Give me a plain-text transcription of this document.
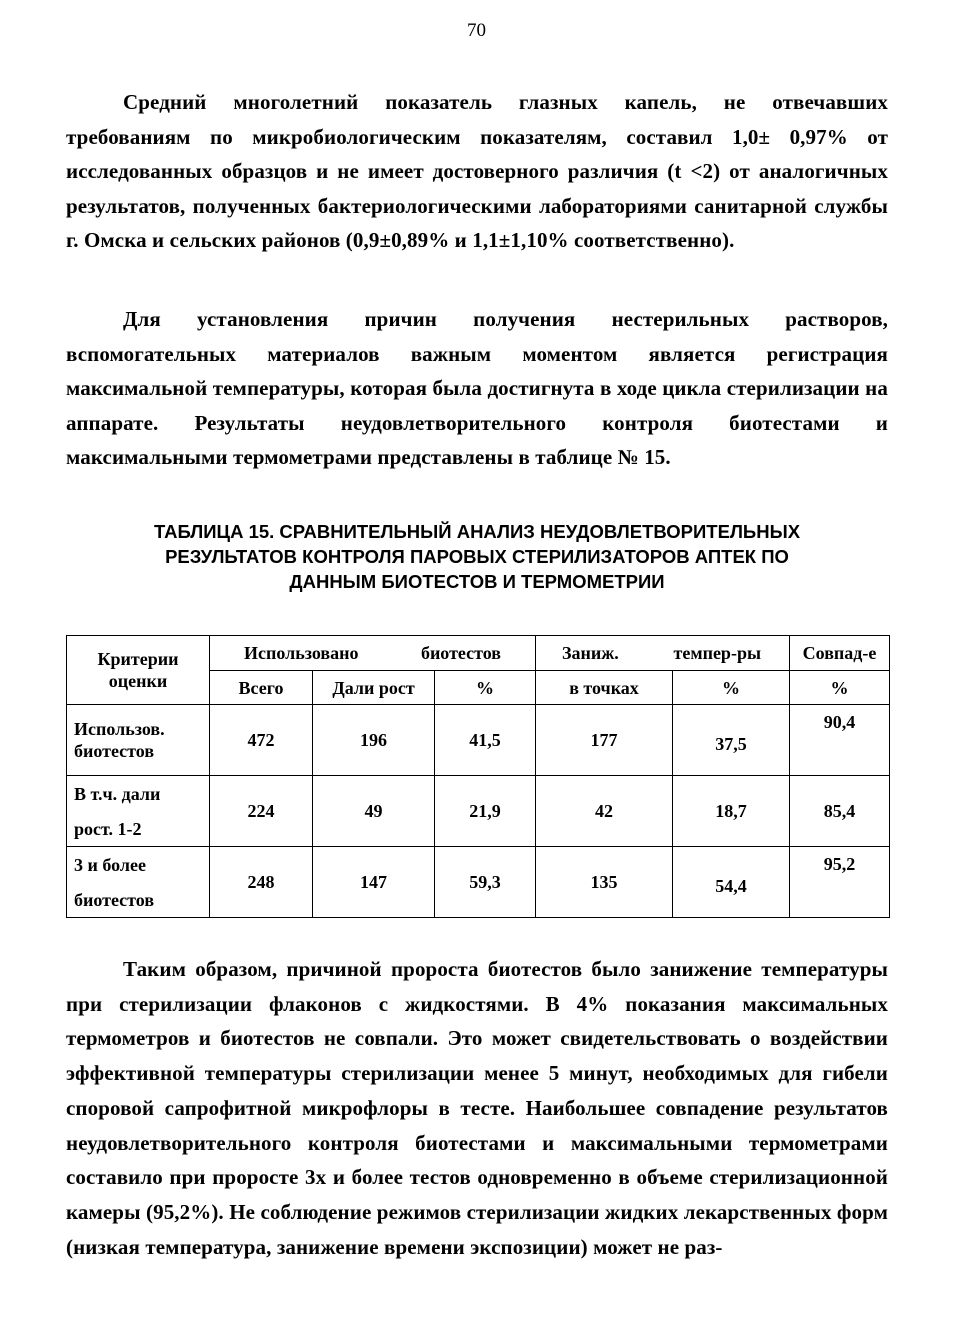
70

Средний многолетний показатель глазных капель, не отвечавших требованиям по микробиологическим показателям, составил 1,0± 0,97% от исследованных образцов и не имеет достоверного различия (t <2) от аналогичных результатов, полученных бактериологическими лабораториями санитарной службы г. Омска и сельских районов (0,9±0,89% и 1,1±1,10% соответственно).

Для установления причин получения нестерильных растворов, вспомогательных материалов важным моментом является регистрация максимальной температуры, которая была достигнута в ходе цикла стерилизации на аппарате. Результаты неудовлетворительного контроля биотестами и максимальными термометрами представлены в таблице № 15.

ТАБЛИЦА 15. СРАВНИТЕЛЬНЫЙ АНАЛИЗ НЕУДОВЛЕТВОРИТЕЛЬНЫХ
РЕЗУЛЬТАТОВ КОНТРОЛЯ ПАРОВЫХ СТЕРИЛИЗАТОРОВ АПТЕК ПО
ДАННЫМ БИОТЕСТОВ И ТЕРМОМЕТРИИ
Критерии
оценки	Использовано биотестов			Заниж. темпер-ры		Совпад-е
	Всего	Дали рост	%	в точках	%	%

Использов.
биотестов	472	196	41,5	177	37,5	90,4

В т.ч. дали
рост. 1-2	224	49	21,9	42	18,7	85,4

3 и более
биотестов	248	147	59,3	135	54,4	95,2

Таким образом, причиной пророста биотестов было занижение температуры при стерилизации флаконов с жидкостями. В 4% показания максимальных термометров и биотестов не совпали. Это может свидетельствовать о воздействии эффективной температуры стерилизации менее 5 минут, необходимых для гибели споровой сапрофитной микрофлоры в тесте. Наибольшее совпадение результатов неудовлетворительного контроля биотестами и максимальными термометрами составило при проросте 3х и более тестов одновременно в объеме стерилизационной камеры (95,2%). Не соблюдение режимов стерилизации жидких лекарственных форм (низкая температура, занижение времени экспозиции) может не раз-
